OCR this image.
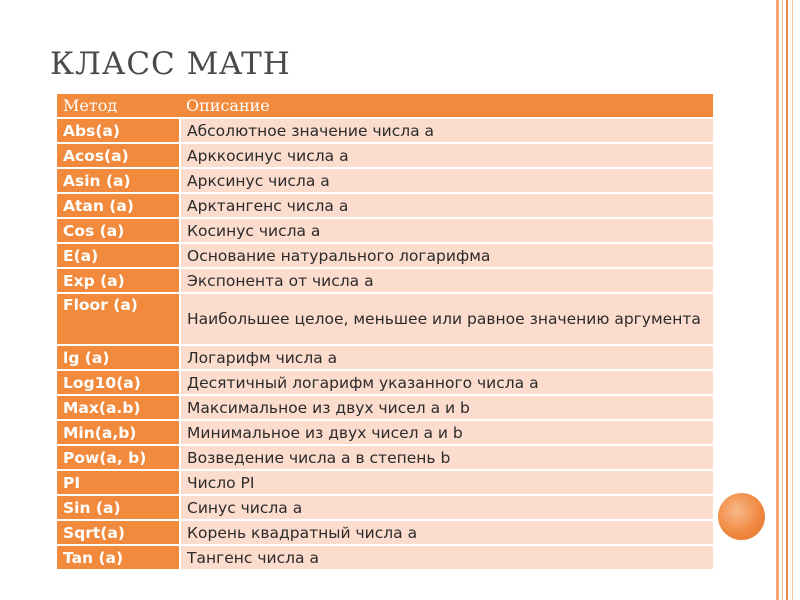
КЛАСС MATH
Метод	Описание
Abs(a)	Абсолютное значение числа a
Acos(a)	Арккосинус числа a
Asin (a)	Арксинус числа a
Atan (a)	Арктангенс числа a
Cos (a)	Косинус числа a
E(a)	Основание натурального логарифма
Exp (a)	Экспонента от числа a
Floor (a)	Наибольшее целое, меньшее или равное значению аргумента
lg (a)	Логарифм числа a
Log10(a)	Десятичный логарифм указанного числа a
Max(a.b)	Максимальное из двух чисел a и b
Min(a,b)	Минимальное из двух чисел a и b
Pow(a, b)	Возведение числа a в степень b
PI	Число PI
Sin (a)	Синус числа a
Sqrt(a)	Корень квадратный числа a
Tan (a)	Тангенс числа a
